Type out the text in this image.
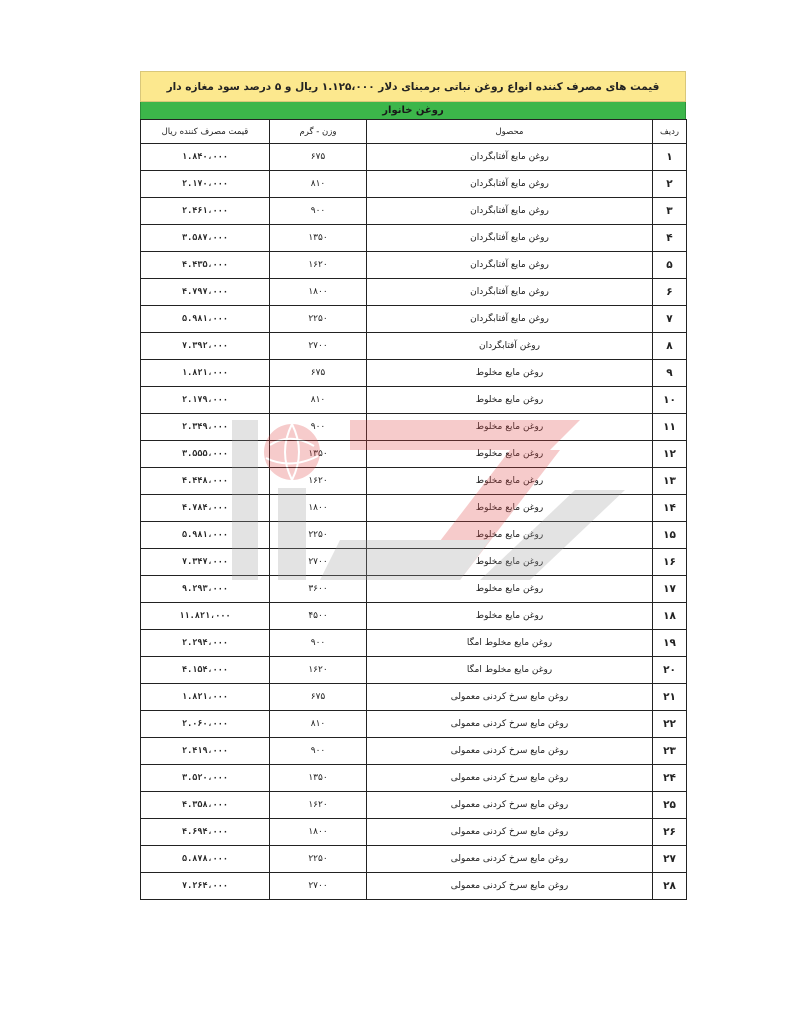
قیمت های مصرف کننده انواع روغن نباتی برمبنای دلار ۱.۱۲۵،۰۰۰ ریال و ۵ درصد سود مغازه دار
روغن خانوار
ردیف	محصول	وزن - گرم	قیمت مصرف کننده ریال
۱	روغن مایع آفتابگردان	۶۷۵	۱.۸۴۰،۰۰۰
۲	روغن مایع آفتابگردان	۸۱۰	۲.۱۷۰،۰۰۰
۳	روغن مایع آفتابگردان	۹۰۰	۲.۴۶۱،۰۰۰
۴	روغن مایع آفتابگردان	۱۳۵۰	۳.۵۸۷،۰۰۰
۵	روغن مایع آفتابگردان	۱۶۲۰	۴.۴۳۵،۰۰۰
۶	روغن مایع آفتابگردان	۱۸۰۰	۴.۷۹۷،۰۰۰
۷	روغن مایع آفتابگردان	۲۲۵۰	۵.۹۸۱،۰۰۰
۸	روغن آفتابگردان	۲۷۰۰	۷.۳۹۲،۰۰۰
۹	روغن مایع مخلوط	۶۷۵	۱.۸۲۱،۰۰۰
۱۰	روغن مایع مخلوط	۸۱۰	۲.۱۷۹،۰۰۰
۱۱	روغن مایع مخلوط	۹۰۰	۲.۳۴۹،۰۰۰
۱۲	روغن مایع مخلوط	۱۳۵۰	۳.۵۵۵،۰۰۰
۱۳	روغن مایع مخلوط	۱۶۲۰	۴.۴۴۸،۰۰۰
۱۴	روغن مایع مخلوط	۱۸۰۰	۴.۷۸۴،۰۰۰
۱۵	روغن مایع مخلوط	۲۲۵۰	۵.۹۸۱،۰۰۰
۱۶	روغن مایع مخلوط	۲۷۰۰	۷.۳۴۷،۰۰۰
۱۷	روغن مایع مخلوط	۳۶۰۰	۹.۲۹۳،۰۰۰
۱۸	روغن مایع مخلوط	۴۵۰۰	۱۱.۸۲۱،۰۰۰
۱۹	روغن مایع مخلوط امگا	۹۰۰	۲.۲۹۴،۰۰۰
۲۰	روغن مایع مخلوط امگا	۱۶۲۰	۴.۱۵۴،۰۰۰
۲۱	روغن مایع سرخ کردنی معمولی	۶۷۵	۱.۸۲۱،۰۰۰
۲۲	روغن مایع سرخ کردنی معمولی	۸۱۰	۲.۰۶۰،۰۰۰
۲۳	روغن مایع سرخ کردنی معمولی	۹۰۰	۲.۴۱۹،۰۰۰
۲۴	روغن مایع سرخ کردنی معمولی	۱۳۵۰	۳.۵۲۰،۰۰۰
۲۵	روغن مایع سرخ کردنی معمولی	۱۶۲۰	۴.۳۵۸،۰۰۰
۲۶	روغن مایع سرخ کردنی معمولی	۱۸۰۰	۴.۶۹۴،۰۰۰
۲۷	روغن مایع سرخ کردنی معمولی	۲۲۵۰	۵.۸۷۸،۰۰۰
۲۸	روغن مایع سرخ کردنی معمولی	۲۷۰۰	۷.۲۶۴،۰۰۰
